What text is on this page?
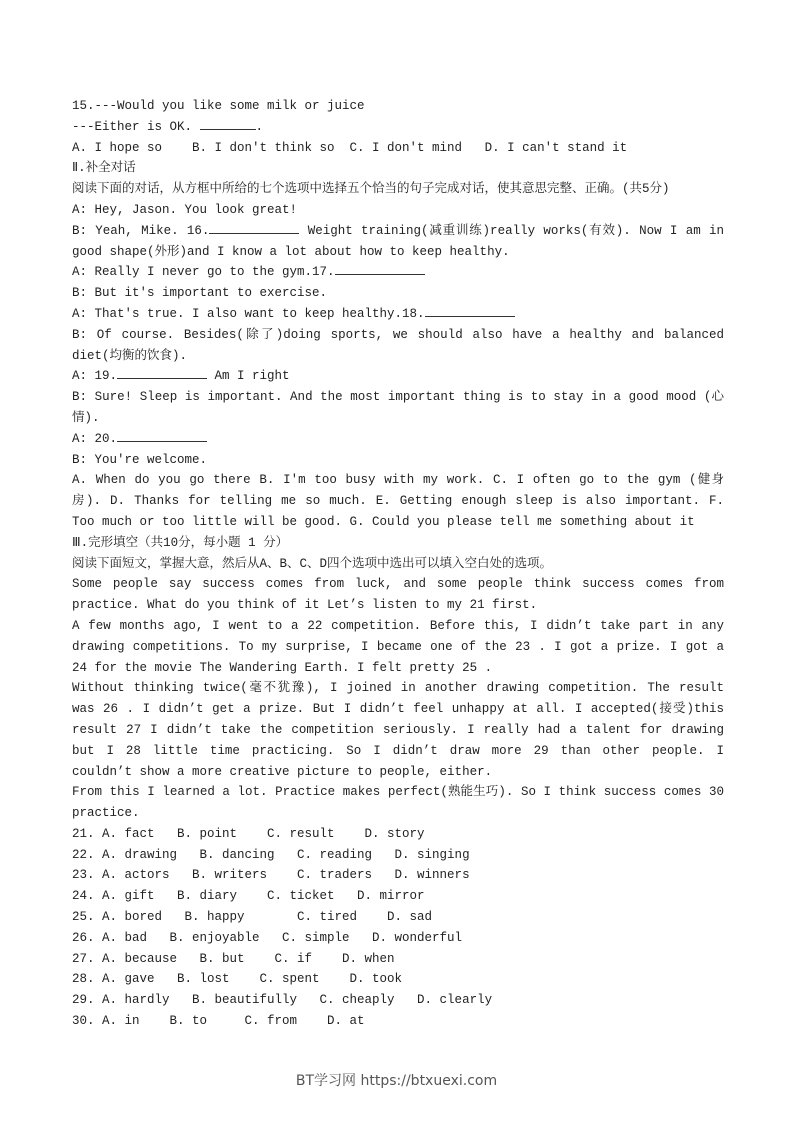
15.---Would you like some milk or juice

---Either is OK.	.

A. I hope so    B. I don't think so  C. I don't mind   D. I can't stand it

Ⅱ.补全对话

阅读下面的对话，从方框中所给的七个选项中选择五个恰当的句子完成对话，使其意思完整、正确。(共5分)

A: Hey, Jason. You look great!

B: Yeah, Mike. 16.	Weight training(减重训练)really works(有效). Now I am in good shape(外形)and I know a lot about how to keep healthy.

A: Really I never go to the gym.17.

B: But it's important to exercise.

A: That's true. I also want to keep healthy.18.

B: Of course. Besides(除了)doing sports, we should also have a healthy and balanced diet(均衡的饮食).

A: 19.	Am I right

B: Sure! Sleep is important. And the most important thing is to stay in a good mood (心情).

A: 20.

B: You're welcome.

A. When do you go there B. I'm too busy with my work. C. I often go to the gym (健身房). D. Thanks for telling me so much. E. Getting enough sleep is also important. F. Too much or too little will be good. G. Could you please tell me something about it

Ⅲ.完形填空（共10分，每小题 1 分）

阅读下面短文，掌握大意，然后从A、B、C、D四个选项中选出可以填入空白处的选项。

Some people say success comes from luck, and some people think success comes from practice. What do you think of it Let’s listen to my 21 first.

A few months ago, I went to a 22 competition. Before this, I didn’t take part in any drawing competitions. To my surprise, I became one of the 23 . I got a prize. I got a 24 for the movie The Wandering Earth. I felt pretty 25 .

Without thinking twice(毫不犹豫), I joined in another drawing competition. The result was 26 . I didn’t get a prize. But I didn’t feel unhappy at all. I accepted(接受)this result 27 I didn’t take the competition seriously. I really had a talent for drawing but I 28 little time practicing. So I didn’t draw more 29 than other people. I couldn’t show a more creative picture to people, either.

From this I learned a lot. Practice makes perfect(熟能生巧). So I think success comes 30 practice.

21. A. fact   B. point    C. result    D. story

22. A. drawing   B. dancing   C. reading   D. singing

23. A. actors   B. writers    C. traders   D. winners

24. A. gift   B. diary    C. ticket   D. mirror

25. A. bored   B. happy       C. tired    D. sad

26. A. bad   B. enjoyable   C. simple   D. wonderful

27. A. because   B. but    C. if    D. when

28. A. gave   B. lost    C. spent    D. took

29. A. hardly   B. beautifully   C. cheaply   D. clearly

30. A. in    B. to     C. from    D. at

BT学习网 https://btxuexi.com
